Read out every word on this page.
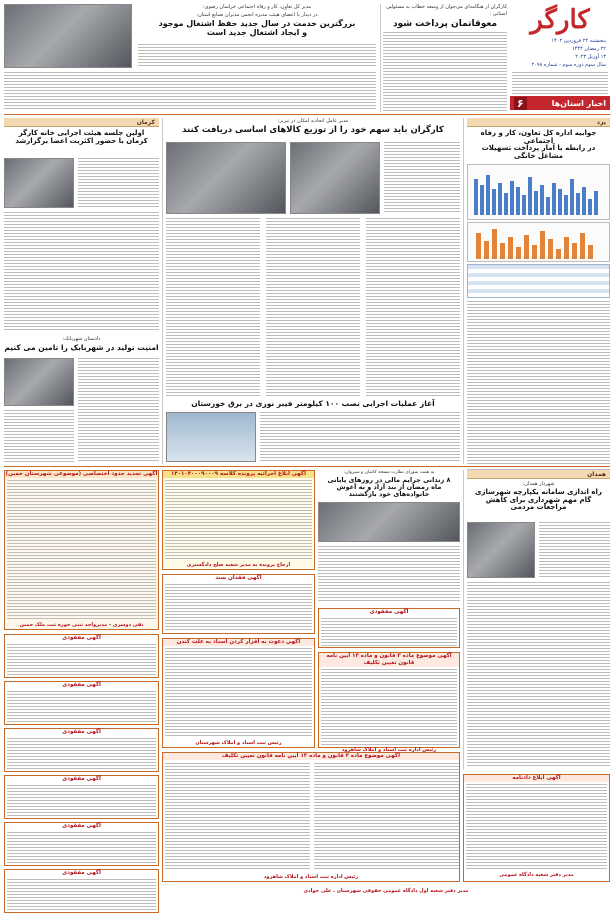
کارگر
پنجشنبه ۲۴ فروردین ۱۴۰۲
۲۲ رمضان ۱۴۴۴
۱۳ آوریل ۲۰۲۳
سال سوم دوره سوم - شماره ۲۰۹۸
اخبار استان‌ها
۶
کارگران از هنگامه‌ای می‌جوان از وسعه خطاب به مسئولین استانی :
معوقاتمان پرداخت شود
مدیر کل تعاون، کار و رفاه اجتماعی خراسان رضوی:
در دیدار با اعضای هیئت مدیره انجمن مدیران صنایع استان:
بزرگترین خدمت در سال جدید حفظ اشتغال موجود
و ایجاد اشتغال جدید است
یزد
جوابیه اداره کل تعاون، کار و رفاه اجتماعی
در رابطه با آمار پرداخت تسهیلات
مشاغل خانگی
مدیر عامل اتحادیه امکان در تبریز:
کارگران باید سهم خود را از توزیع کالاهای اساسی دریافت کنند
کرمان
اولین جلسه هیئت اجرایی خانه کارگر
کرمان با حضور اکثریت اعضا برگزارشد
دادستان شهربابک:
امنیت تولید در شهربابک را تامین می کنیم
آغاز عملیات اجرایی نصب ۱۰۰ کیلومتر فیبر نوری در برق خوزستان
همدان
شهردار همدان:
راه اندازی سامانه یکپارچه شهرسازی
گام مهم شهرداری برای کاهش
مراجعات مردمی
به همت شورای نظارت مسجد کاشان و شیروان:
۸ زندانی جرایم مالی در روزهای پایانی
ماه رمضان از بند آزاد و به آغوش خانواده‌های خود بازگشتند
آگهی تجدید حدود اختصاصی (موضوعی شهرستان خمین)
ثقی دوسری - مدیرواحد ثبتی حوزه ثبت ملک خمین
آگهی ابلاغ اجرائیه پرونده کلاسه ۱۴۰۱۰۴۰۰۰۹۰۰۰۹
ارجاع پرونده به مدیر شعبه صلح دادگستری
آگهی فقدان سند
آگهی مفقودی
آگهی دعوت به افزار کردن اسناد به علت کندن
رئیس ثبت اسناد و املاک شهرستان
آگهی موضوع ماده ۳ قانون و ماده ۱۳ آیین نامه قانون تعیین تکلیف
رئیس اداره ثبت اسناد و املاک شاهرود
آگهی مفقودی
آگهی مفقودی
آگهی مفقودی
آگهی مفقودی
آگهی مفقودی
آگهی مفقودی
آگهی موضوع ماده ۳ قانون و ماده ۱۳ آیین نامه قانون تعیین تکلیف
رئیس اداره ثبت اسناد و املاک شاهرود
آگهی ابلاغ دادنامه
مدیر دفتر شعبه دادگاه عمومی
مدیر دفتر شعبه اول دادگاه عمومی حقوقی شهرستان ـ علی جوادی
